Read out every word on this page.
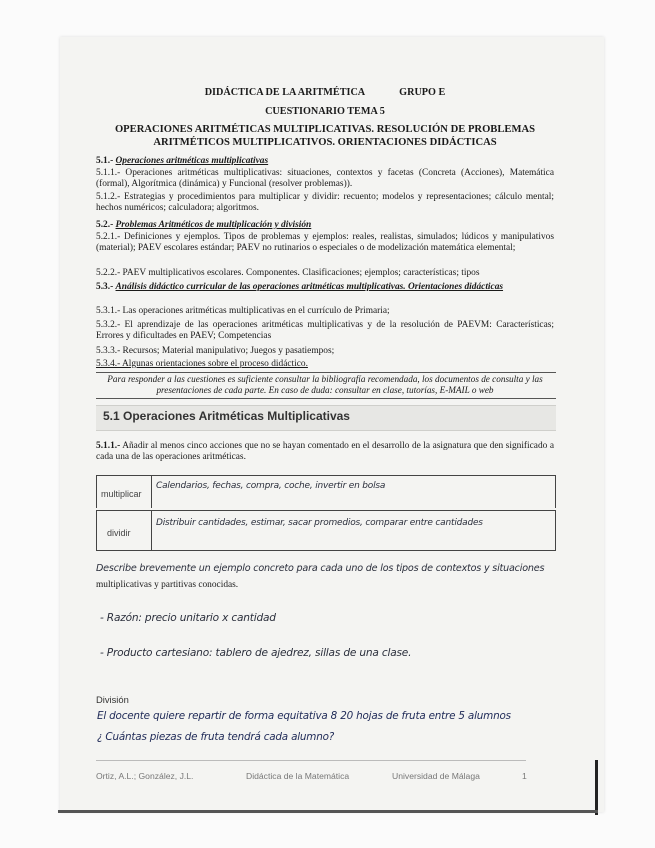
DIDÁCTICA DE LA ARITMÉTICA	GRUPO E
CUESTIONARIO TEMA 5
OPERACIONES ARITMÉTICAS MULTIPLICATIVAS. RESOLUCIÓN DE PROBLEMAS
ARITMÉTICOS MULTIPLICATIVOS. ORIENTACIONES DIDÁCTICAS
5.1.- Operaciones aritméticas multiplicativas
5.1.1.- Operaciones aritméticas multiplicativas: situaciones, contextos y facetas (Concreta (Acciones), Matemática (formal), Algorítmica (dinámica) y Funcional (resolver problemas)).
5.1.2.- Estrategias y procedimientos para multiplicar y dividir: recuento; modelos y representaciones; cálculo mental; hechos numéricos; calculadora; algoritmos.
5.2.- Problemas Aritméticos de multiplicación y división
5.2.1.- Definiciones y ejemplos. Tipos de problemas y ejemplos: reales, realistas, simulados; lúdicos y manipulativos (material); PAEV escolares estándar; PAEV no rutinarios o especiales o de modelización matemática elemental;
5.2.2.- PAEV multiplicativos escolares. Componentes. Clasificaciones; ejemplos; características; tipos
5.3.- Análisis didáctico curricular de las operaciones aritméticas multiplicativas. Orientaciones didácticas
5.3.1.- Las operaciones aritméticas multiplicativas en el currículo de Primaria;
5.3.2.- El aprendizaje de las operaciones aritméticas multiplicativas y de la resolución de PAEVM: Características; Errores y dificultades en PAEV; Competencias
5.3.3.- Recursos; Material manipulativo; Juegos y pasatiempos;
5.3.4.- Algunas orientaciones sobre el proceso didáctico.
Para responder a las cuestiones es suficiente consultar la bibliografía recomendada, los documentos de consulta y las presentaciones de cada parte. En caso de duda: consultar en clase, tutorías, E-MAIL o web
5.1 Operaciones Aritméticas Multiplicativas
5.1.1.- Añadir al menos cinco acciones que no se hayan comentado en el desarrollo de la asignatura que den significado a cada una de las operaciones aritméticas.
multiplicar
Calendarios, fechas, compra, coche, invertir en bolsa
dividir
Distribuir cantidades, estimar, sacar promedios, comparar entre cantidades
Describe brevemente un ejemplo concreto para cada uno de los tipos de contextos y situaciones
multiplicativas y partitivas conocidas.
- Razón: precio unitario x cantidad
- Producto cartesiano: tablero de ajedrez, sillas de una clase.
División
El docente quiere repartir de forma equitativa 8 20 hojas de fruta entre 5 alumnos
¿ Cuántas piezas de fruta tendrá cada alumno?
Ortiz, A.L.; González, J.L.	Didáctica de la Matemática	Universidad de Málaga	1
